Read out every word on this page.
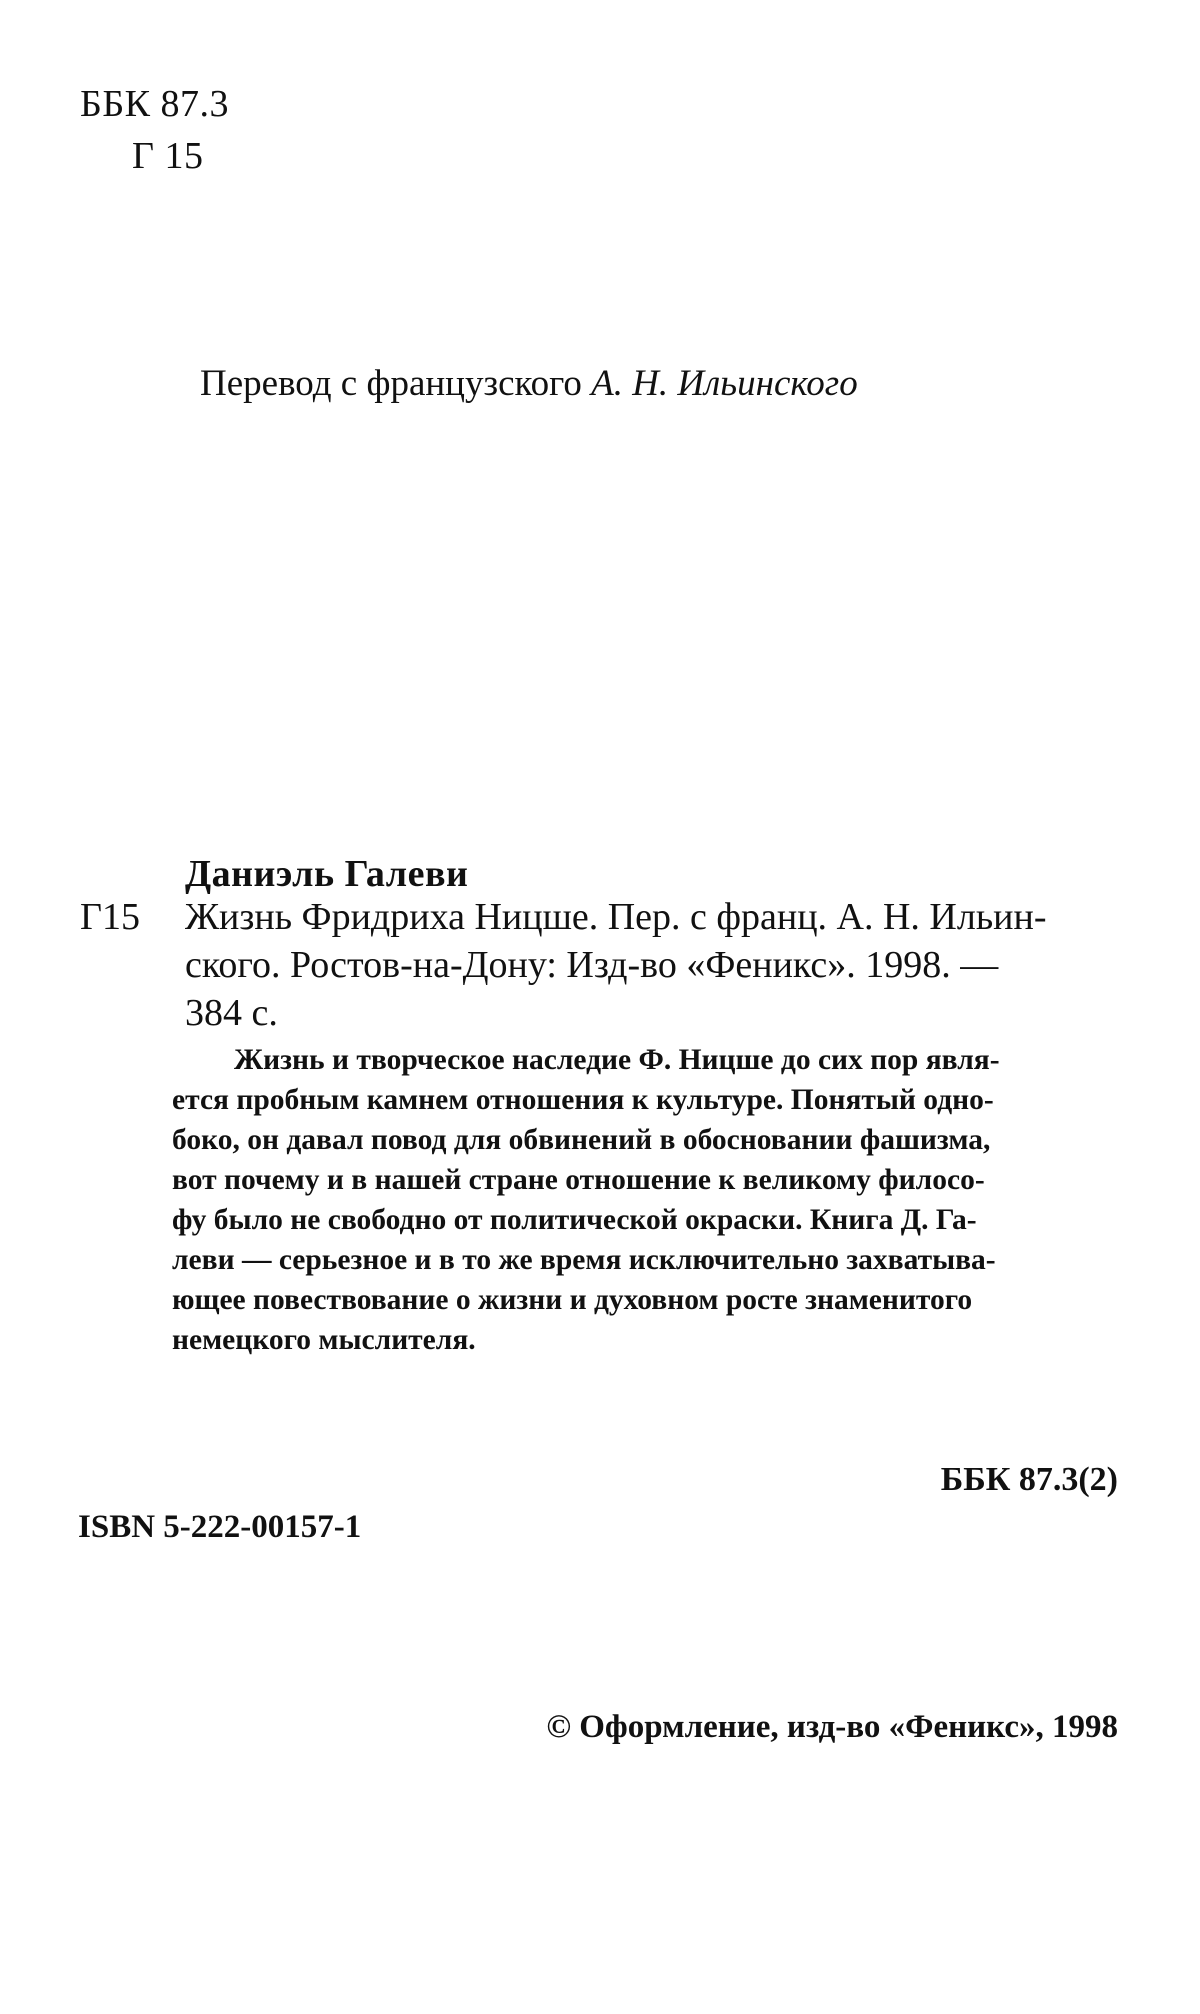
ББК 87.3
Г 15
Перевод с французского А. Н. Ильинского
Даниэль Галеви
Г15 Жизнь Фридриха Ницше. Пер. с франц. А. Н. Ильин-
ского. Ростов-на-Дону: Изд-во «Феникс». 1998. —
384 с.
Жизнь и творческое наследие Ф. Ницше до сих пор явля-
ется пробным камнем отношения к культуре. Понятый одно-
боко, он давал повод для обвинений в обосновании фашизма,
вот почему и в нашей стране отношение к великому филосо-
фу было не свободно от политической окраски. Книга Д. Га-
леви — серьезное и в то же время исключительно захватыва-
ющее повествование о жизни и духовном росте знаменитого
немецкого мыслителя.
ББК 87.3(2)
ISBN 5-222-00157-1
© Оформление, изд-во «Феникс», 1998
